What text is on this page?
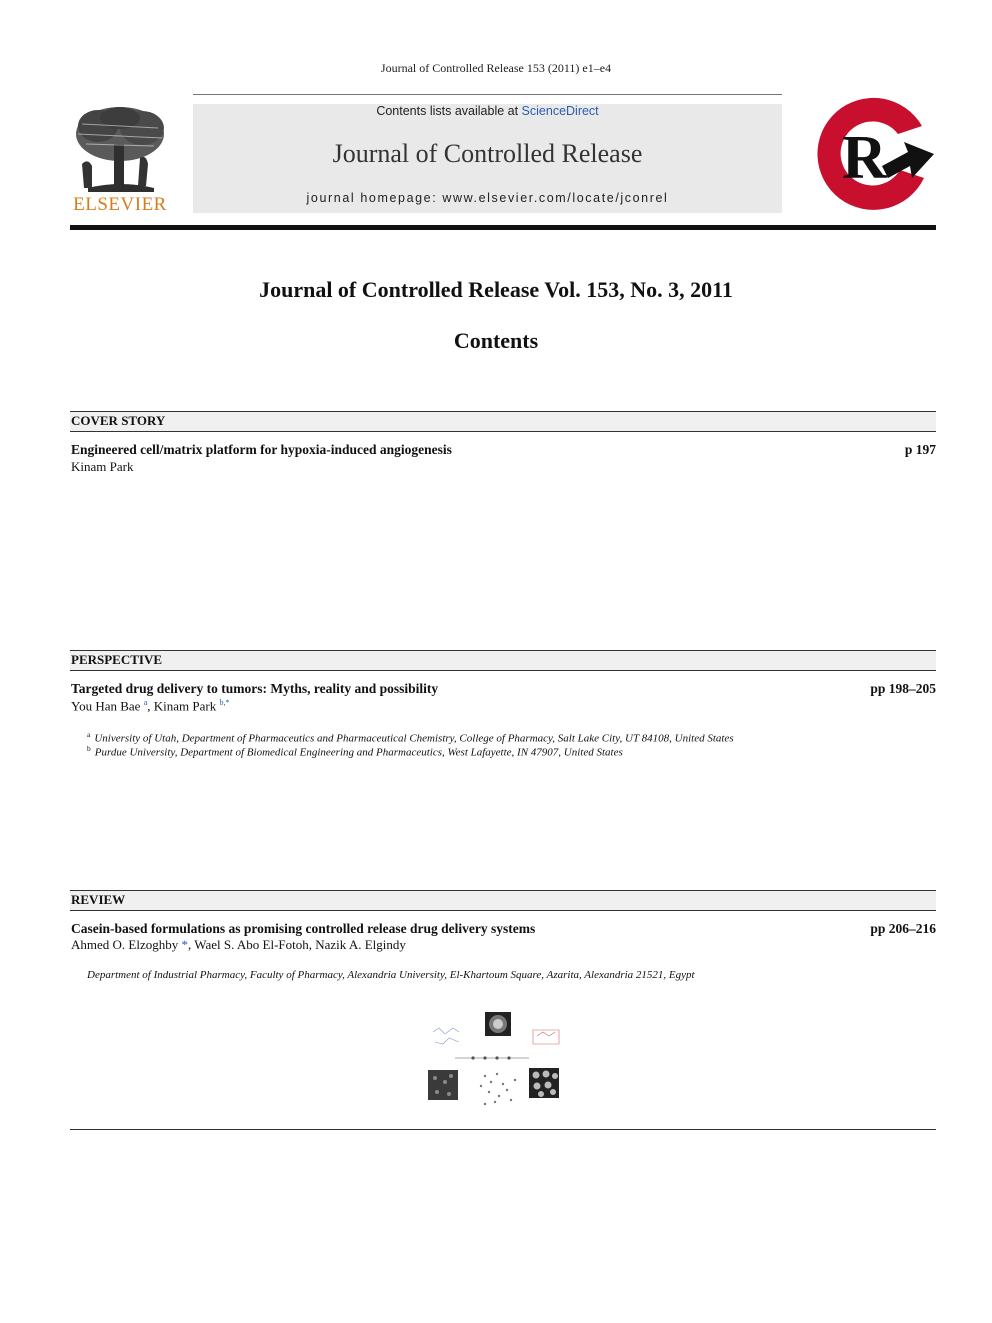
Journal of Controlled Release 153 (2011) e1–e4
Contents lists available at ScienceDirect
Journal of Controlled Release
journal homepage: www.elsevier.com/locate/jconrel
ELSEVIER
R
CR
Journal of Controlled Release Vol. 153, No. 3, 2011
Contents
COVER STORY
Engineered cell/matrix platform for hypoxia-induced angiogenesis	p 197
Kinam Park
PERSPECTIVE
Targeted drug delivery to tumors: Myths, reality and possibility	pp 198–205
You Han Bae $^a$, Kinam Park $^{b,*}$
$^a$ University of Utah, Department of Pharmaceutics and Pharmaceutical Chemistry, College of Pharmacy, Salt Lake City, UT 84108, United States
$^b$ Purdue University, Department of Biomedical Engineering and Pharmaceutics, West Lafayette, IN 47907, United States
REVIEW
Casein-based formulations as promising controlled release drug delivery systems	pp 206–216
Ahmed O. Elzoghby *, Wael S. Abo El-Fotoh, Nazik A. Elgindy
Department of Industrial Pharmacy, Faculty of Pharmacy, Alexandria University, El-Khartoum Square, Azarita, Alexandria 21521, Egypt
